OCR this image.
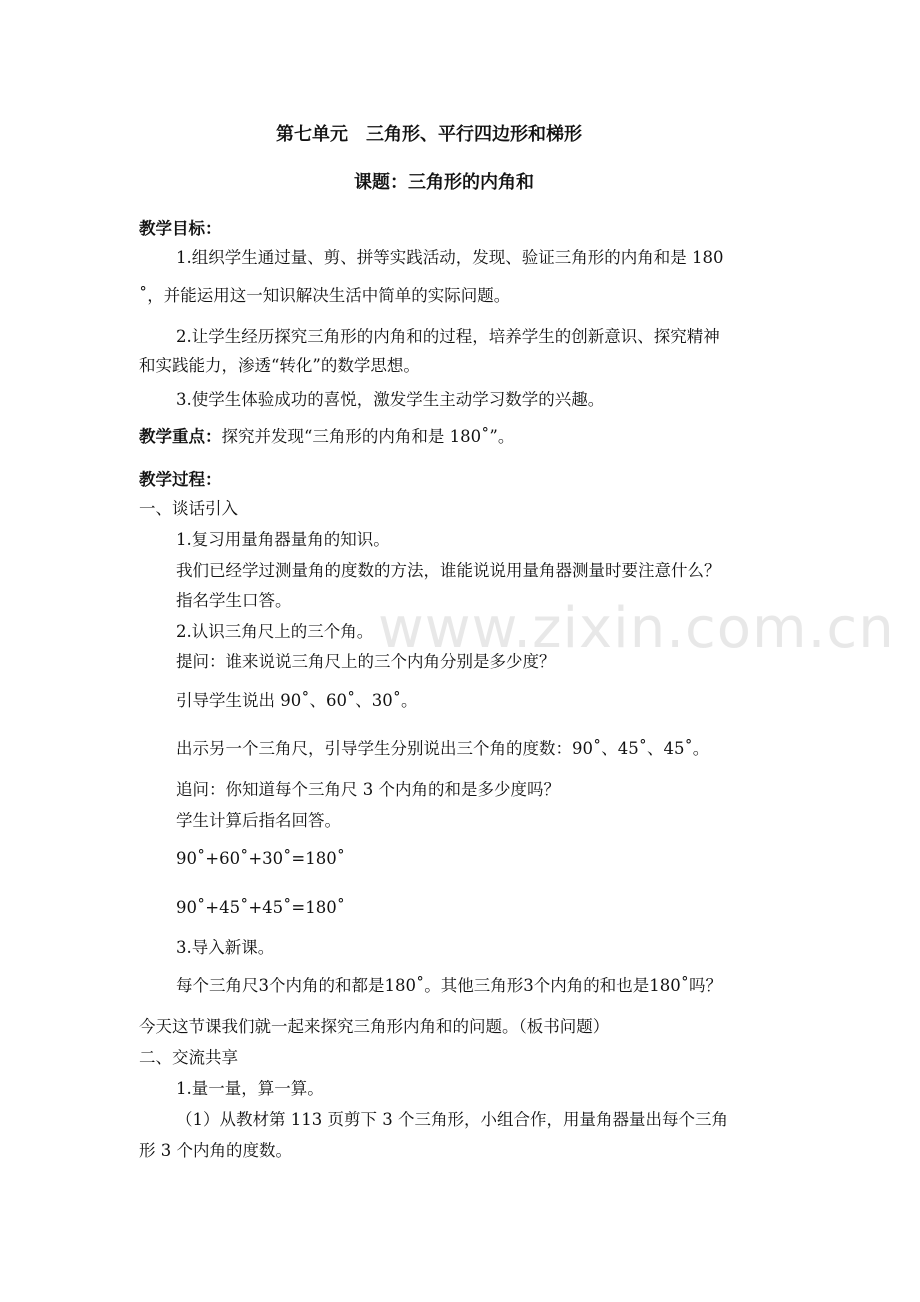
第七单元　三角形、平行四边形和梯形
课题：三角形的内角和
教学目标：
1.组织学生通过量、剪、拼等实践活动，发现、验证三角形的内角和是 180
˚，并能运用这一知识解决生活中简单的实际问题。
2.让学生经历探究三角形的内角和的过程，培养学生的创新意识、探究精神
和实践能力，渗透“转化”的数学思想。
3.使学生体验成功的喜悦，激发学生主动学习数学的兴趣。
教学重点：探究并发现“三角形的内角和是 180˚”。
教学过程：
一、谈话引入
1.复习用量角器量角的知识。
我们已经学过测量角的度数的方法，谁能说说用量角器测量时要注意什么？
指名学生口答。
2.认识三角尺上的三个角。
提问：谁来说说三角尺上的三个内角分别是多少度？
引导学生说出 90˚、60˚、30˚。
出示另一个三角尺，引导学生分别说出三个角的度数：90˚、45˚、45˚。
追问：你知道每个三角尺 3 个内角的和是多少度吗？
学生计算后指名回答。
90˚+60˚+30˚=180˚
90˚+45˚+45˚=180˚
3.导入新课。
每个三角尺3个内角的和都是180˚。其他三角形3个内角的和也是180˚吗？
今天这节课我们就一起来探究三角形内角和的问题。（板书问题）
二、交流共享
1.量一量，算一算。
（1）从教材第 113 页剪下 3 个三角形，小组合作，用量角器量出每个三角
形 3 个内角的度数。
www.zixin.com.cn
